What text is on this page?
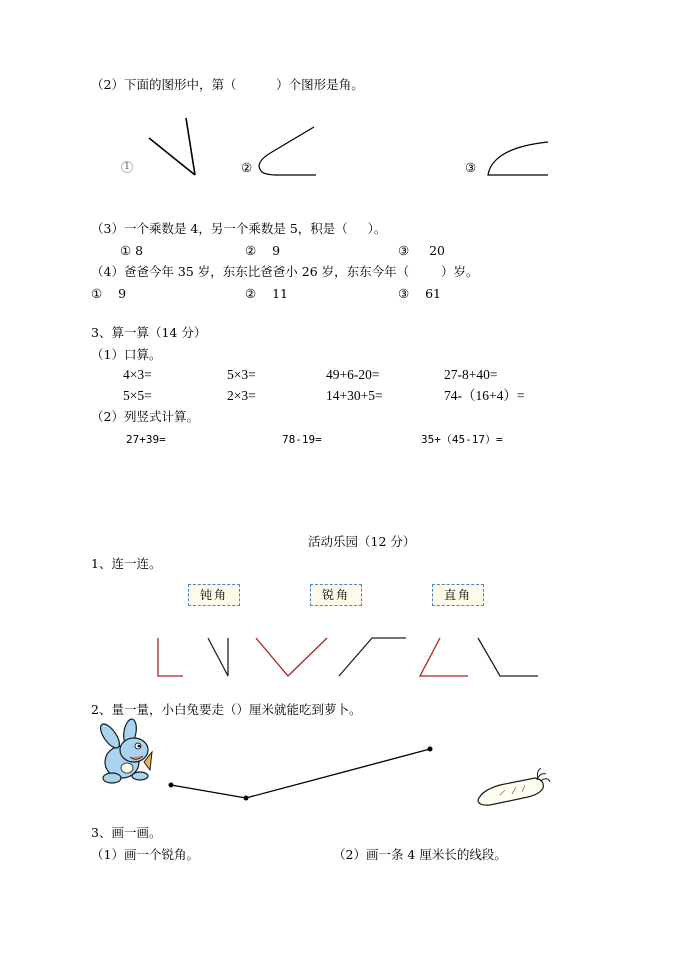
（2）下面的图形中，第（          ）个图形是角。
1	②	③
（3）一个乘数是 4，另一个乘数是 5，积是（     ）。
① 8	②    9	③     20
（4）爸爸今年 35 岁，东东比爸爸小 26 岁，东东今年（        ）岁。
①    9	②    11	③    61
3、算一算（14 分）
（1）口算。
4×3=	5×3=	49+6-20=	27-8+40=
5×5=	2×3=	14+30+5=	74-（16+4）=
（2）列竖式计算。
27+39=	78-19=	35+（45-17）=
活动乐园（12 分）
1、连一连。
钝角	锐角	直角
2、量一量，小白兔要走（）厘米就能吃到萝卜。
3、画一画。
（1）画一个锐角。	（2）画一条 4 厘米长的线段。
